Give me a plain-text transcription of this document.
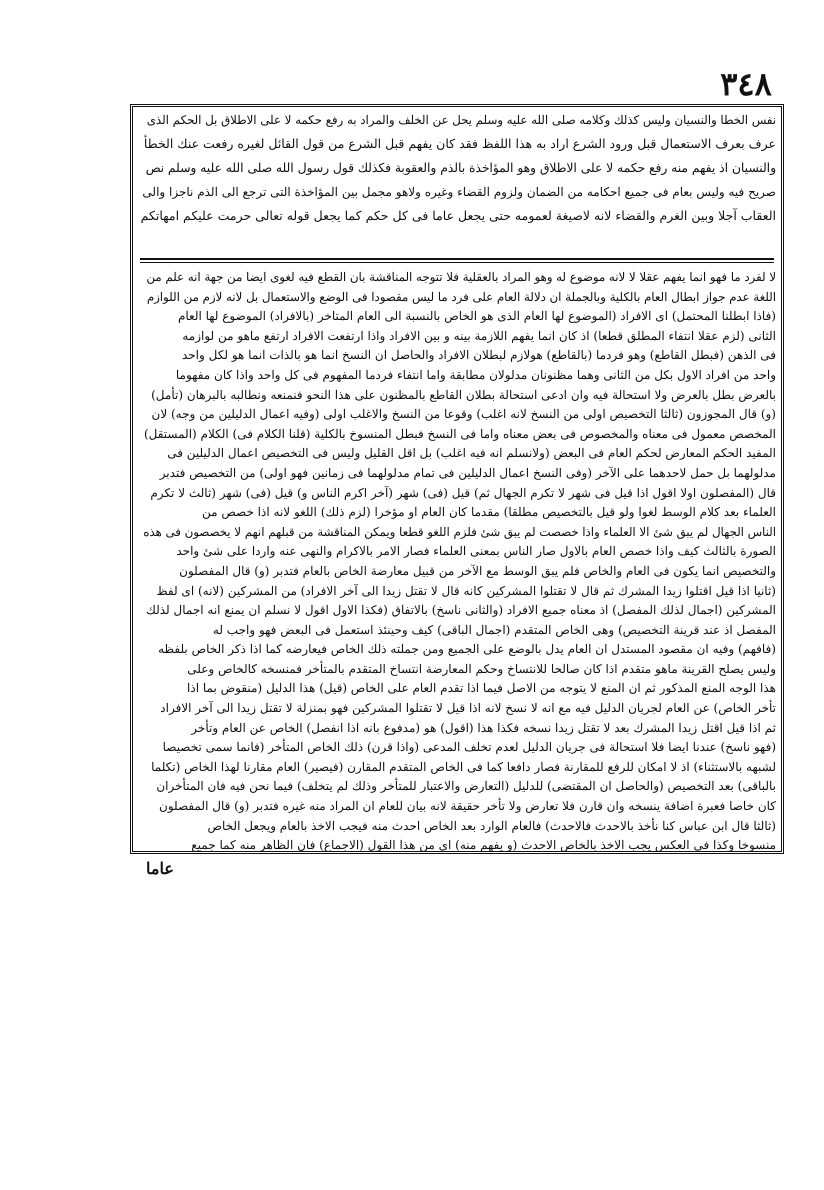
٣٤٨
نفس الخطا والنسيان وليس كذلك وكلامه صلى الله عليه وسلم يحل عن الخلف والمراد به رفع حكمه لا على الاطلاق بل الحكم الذى
عرف بعرف الاستعمال قبل ورود الشرع اراد به هذا اللفظ فقد كان يفهم قبل الشرع من قول القائل لغيره رفعت عنك الخطأ
والنسيان اذ يفهم منه رفع حكمه لا على الاطلاق وهو المؤاخذة بالذم والعقوبة فكذلك قول رسول الله صلى الله عليه وسلم نص
صريح فيه وليس بعام فى جميع احكامه من الضمان ولزوم القضاء وغيره ولاهو مجمل بين المؤاخذة التى ترجع الى الذم ناجزا والى
العقاب آجلا وبين الغرم والقضاء لانه لاصيغة لعمومه حتى يجعل عاما فى كل حكم كما يجعل قوله تعالى حرمت عليكم امهاتكم
لا لفرد ما فهو انما يفهم عقلا لا لانه موضوع له وهو المراد بالعقلية فلا تتوجه المناقشة بان القطع فيه لغوى ايضا من جهة انه علم من
اللغة عدم جواز ابطال العام بالكلية وبالجملة ان دلالة العام على فرد ما ليس مقصودا فى الوضع والاستعمال بل لانه لازم من اللوازم
(فاذا ابطلنا المحتمل) اى الافراد (الموضوع لها العام الذى هو الخاص بالنسبة الى العام المتاخر (بالافراد) الموضوع لها العام
الثانى (لزم عقلا انتفاء المطلق قطعا) اذ كان انما يفهم اللازمة بينه و بين الافراد واذا ارتفعت الافراد ارتفع ماهو من لوازمه
فى الذهن (فبطل القاطع) وهو فردما (بالقاطع) هولازم لبطلان الافراد والحاصل ان النسخ انما هو بالذات انما هو لكل واحد
واحد من افراد الاول بكل من الثانى وهما مظنونان مدلولان مطابقة واما انتفاء فردما المفهوم فى كل واحد واذا كان مفهوما
بالعرض بطل بالعرض ولا استحالة فيه وان ادعى استحالة بطلان القاطع بالمظنون على هذا النحو فنمنعه ونطالبه بالبرهان (تأمل)
(و) قال المجوزون (ثالثا التخصيص اولى من النسخ لانه اغلب) وقوعا من النسخ والاغلب اولى (وفيه اعمال الدليلين من وجه) لان
المخصص معمول فى معناه والمخصوص فى بعض معناه واما فى النسخ فبطل المنسوخ بالكلية (قلنا الكلام فى) الكلام (المستقل)
المفيد الحكم المعارض لحكم العام فى البعض (ولانسلم انه فيه اغلب) بل اقل القليل وليس فى التخصيص اعمال الدليلين فى
مدلولهما بل حمل لاحدهما على الآخر (وفى النسخ اعمال الدليلين فى تمام مدلولهما فى زمانين فهو اولى) من التخصيص فتدبر
قال (المفصلون اولا اقول اذا قيل فى شهر لا تكرم الجهال ثم) قيل (فى) شهر (آخر اكرم الناس و) قيل (فى) شهر (ثالث لا تكرم
العلماء بعد كلام الوسط لغوا ولو قيل بالتخصيص مطلقا) مقدما كان العام او مؤخرا (لزم ذلك) اللغو لانه اذا خصص من
الناس الجهال لم يبق شئ الا العلماء واذا خصصت لم يبق شئ فلزم اللغو قطعا ويمكن المناقشة من قبلهم انهم لا يخصصون فى هذه
الصورة بالثالث كيف واذا خصص العام بالاول صار الناس بمعنى العلماء فصار الامر بالاكرام والنهى عنه واردا على شئ واحد
والتخصيص انما يكون فى العام والخاص فلم يبق الوسط مع الآخر من قبيل معارضة الخاص بالعام فتدبر (و) قال المفصلون
(ثانيا اذا قيل اقتلوا زيدا المشرك ثم قال لا تقتلوا المشركين كانه قال لا تقتل زيدا الى آخر الافراد) من المشركين (لانه) اى لفظ
المشركين (اجمال لذلك المفصل) اذ معناه جميع الافراد (والثانى ناسخ) بالاتفاق (فكذا الاول اقول لا نسلم ان يمنع انه اجمال لذلك
المفصل اذ عند قرينة التخصيص) وهى الخاص المتقدم (اجمال الباقى) كيف وحينئذ استعمل فى البعض فهو واجب له
(فافهم) وفيه ان مقصود المستدل ان العام يدل بالوضع على الجميع ومن جملته ذلك الخاص فيعارضه كما اذا ذكر الخاص بلفظه
وليس يصلح القرينة ماهو متقدم اذا كان صالحا للانتساخ وحكم المعارضة انتساخ المتقدم بالمتأخر فمنسخه كالخاص وعلى
هذا الوجه المنع المذكور ثم ان المنع لا يتوجه من الاصل فيما اذا تقدم العام على الخاص (قيل) هذا الدليل (منقوض بما اذا
تأخر الخاص) عن العام لجريان الدليل فيه مع انه لا نسخ لانه اذا قيل لا تقتلوا المشركين فهو بمنزلة لا تقتل زيدا الى آخر الافراد
ثم اذا قيل اقتل زيدا المشرك بعد لا تقتل زيدا نسخه فكذا هذا (اقول) هو (مدفوع بانه اذا انفصل) الخاص عن العام وتأخر
(فهو ناسخ) عندنا ايضا فلا استحالة فى جريان الدليل لعدم تخلف المدعى (واذا قرن) ذلك الخاص المتأخر (فانما سمى تخصيصا
لشبهه بالاستثناء) اذ لا امكان للرفع للمقارنة فصار دافعا كما فى الخاص المتقدم المقارن (فيصير) العام مقارنا لهذا الخاص (تكلما
بالباقى) بعد التخصيص (والحاصل ان المقتضى) للدليل (التعارض والاعتبار للمتأخر وذلك لم يتخلف) فيما نحن فيه فان المتأخران
كان خاصا فعبرة اضافة ينسخه وان قارن فلا تعارض ولا تأخر حقيقة لانه بيان للعام ان المراد منه غيره فتدبر (و) قال المفصلون
(ثالثا قال ابن عباس كنا نأخذ بالاحدث فالاحدث) فالعام الوارد بعد الخاص احدث منه فيجب الاخذ بالعام ويجعل الخاص
منسوخا وكذا فى العكس يجب الاخذ بالخاص الاحدث (و يفهم منه) اى من هذا القول (الاجماع) فان الظاهر منه كما جميع
عاما
